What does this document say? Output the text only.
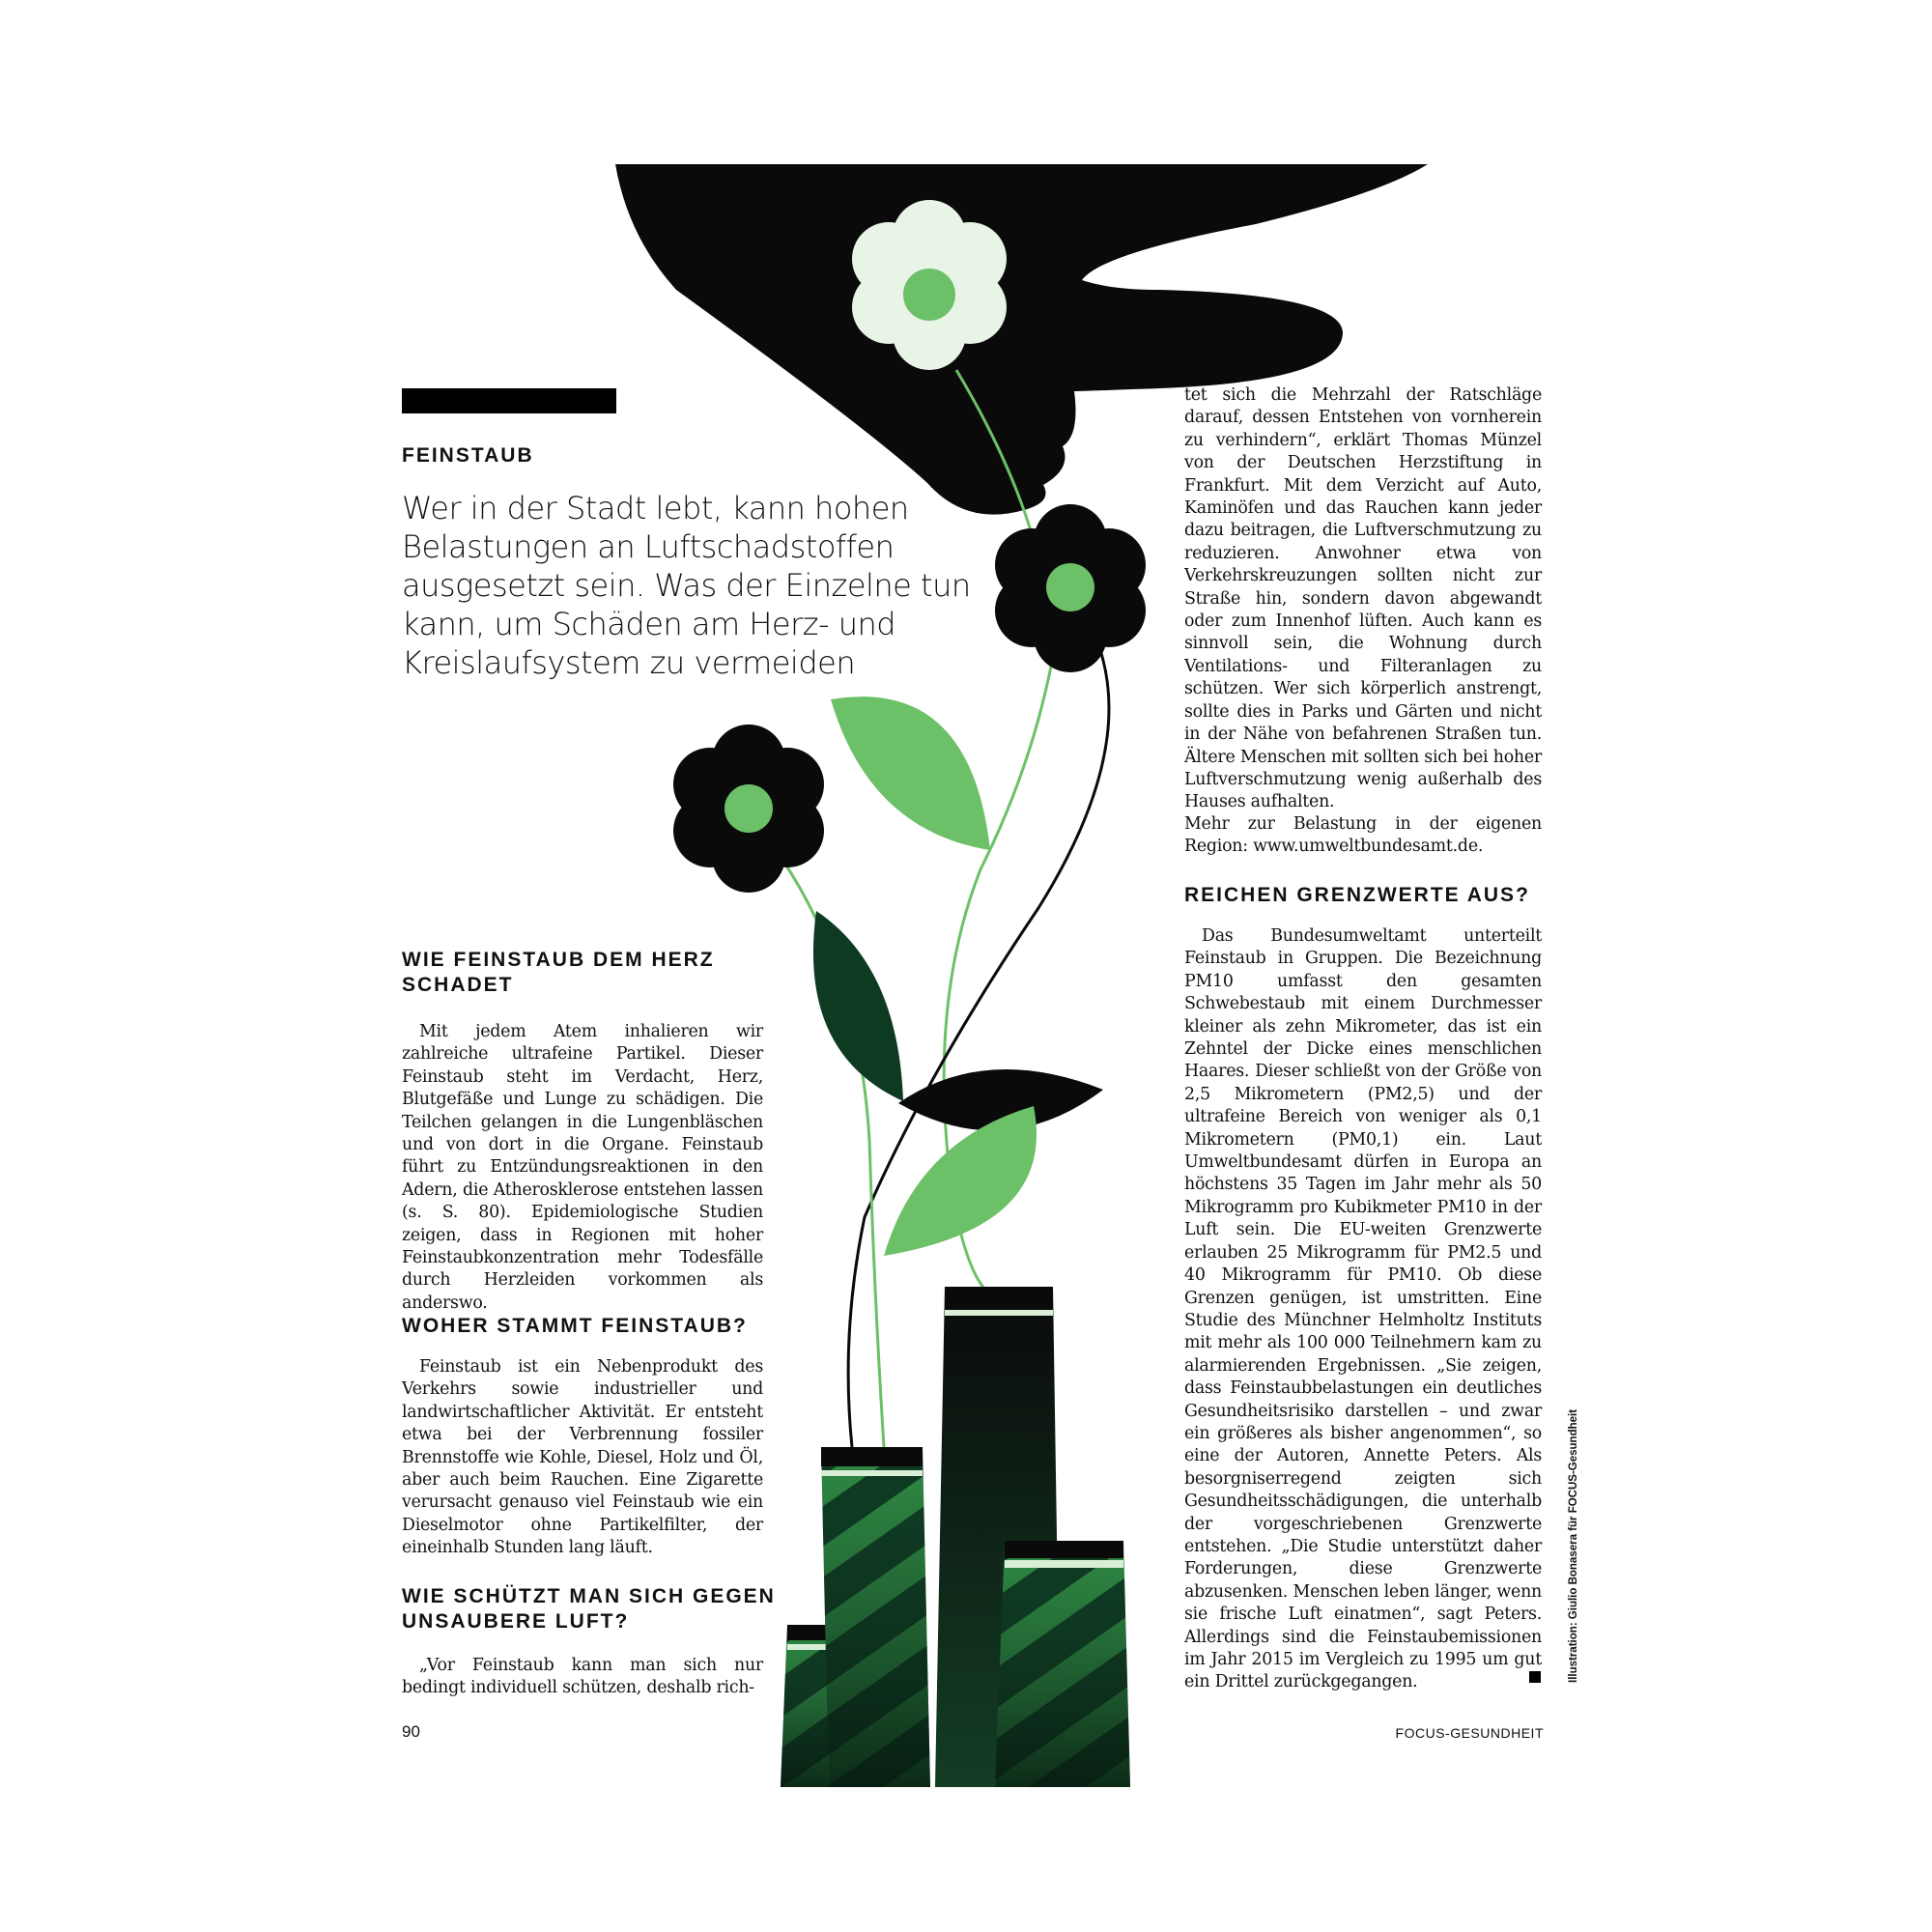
FEINSTAUB
Wer in der Stadt lebt, kann hohen Belastungen an Luftschadstoffen ausgesetzt sein. Was der Einzelne tun kann, um Schäden am Herz- und Kreislaufsystem zu vermeiden
WIE FEINSTAUB DEM HERZ SCHADET
Mit jedem Atem inhalieren wir zahlreiche ultrafeine Partikel. Dieser Feinstaub steht im Verdacht, Herz, Blutgefäße und Lunge zu schädigen. Die Teilchen gelangen in die Lungenbläschen und von dort in die Organe. Feinstaub führt zu Entzündungsreaktionen in den Adern, die Atherosklerose entstehen lassen (s. S. 80). Epidemiologische Studien zeigen, dass in Regionen mit hoher Feinstaubkonzentration mehr Todesfälle durch Herzleiden vorkommen als anderswo.
WOHER STAMMT FEINSTAUB?
Feinstaub ist ein Nebenprodukt des Verkehrs sowie industrieller und landwirtschaftlicher Aktivität. Er entsteht etwa bei der Verbrennung fossiler Brennstoffe wie Kohle, Diesel, Holz und Öl, aber auch beim Rauchen. Eine Zigarette verursacht genauso viel Feinstaub wie ein Dieselmotor ohne Partikelfilter, der eineinhalb Stunden lang läuft.
WIE SCHÜTZT MAN SICH GEGEN UNSAUBERE LUFT?
„Vor Feinstaub kann man sich nur bedingt individuell schützen, deshalb rich-
tet sich die Mehrzahl der Ratschläge darauf, dessen Entstehen von vornherein zu verhindern“, erklärt Thomas Münzel von der Deutschen Herzstiftung in Frankfurt. Mit dem Verzicht auf Auto, Kaminöfen und das Rauchen kann jeder dazu beitragen, die Luftverschmutzung zu reduzieren. Anwohner etwa von Verkehrskreuzungen sollten nicht zur Straße hin, sondern davon abgewandt oder zum Innenhof lüften. Auch kann es sinnvoll sein, die Wohnung durch Ventilations- und Filteranlagen zu schützen. Wer sich körperlich anstrengt, sollte dies in Parks und Gärten und nicht in der Nähe von befahrenen Straßen tun. Ältere Menschen mit sollten sich bei hoher Luftverschmutzung wenig außerhalb des Hauses aufhalten.
Mehr zur Belastung in der eigenen Region: www.umweltbundesamt.de.
REICHEN GRENZWERTE AUS?
Das Bundesumweltamt unterteilt Feinstaub in Gruppen. Die Bezeichnung PM10 umfasst den gesamten Schwebestaub mit einem Durchmesser kleiner als zehn Mikrometer, das ist ein Zehntel der Dicke eines menschlichen Haares. Dieser schließt von der Größe von 2,5 Mikrometern (PM2,5) und der ultrafeine Bereich von weniger als 0,1 Mikrometern (PM0,1) ein. Laut Umweltbundesamt dürfen in Europa an höchstens 35 Tagen im Jahr mehr als 50 Mikrogramm pro Kubikmeter PM10 in der Luft sein. Die EU-weiten Grenzwerte erlauben 25 Mikrogramm für PM2.5 und 40 Mikrogramm für PM10. Ob diese Grenzen genügen, ist umstritten. Eine Studie des Münchner Helmholtz Instituts mit mehr als 100 000 Teilnehmern kam zu alarmierenden Ergebnissen. „Sie zeigen, dass Feinstaubbelastungen ein deutliches Gesundheitsrisiko darstellen – und zwar ein größeres als bisher angenommen“, so eine der Autoren, Annette Peters. Als besorgniserregend zeigten sich Gesundheitsschädigungen, die unterhalb der vorgeschriebenen Grenzwerte entstehen. „Die Studie unterstützt daher Forderungen, diese Grenzwerte abzusenken. Menschen leben länger, wenn sie frische Luft einatmen“, sagt Peters. Allerdings sind die Feinstaubemissionen im Jahr 2015 im Vergleich zu 1995 um gut ein Drittel zurückgegangen.
90	FOCUS-GESUNDHEIT
Illustration: Giulio Bonasera für FOCUS-Gesundheit
